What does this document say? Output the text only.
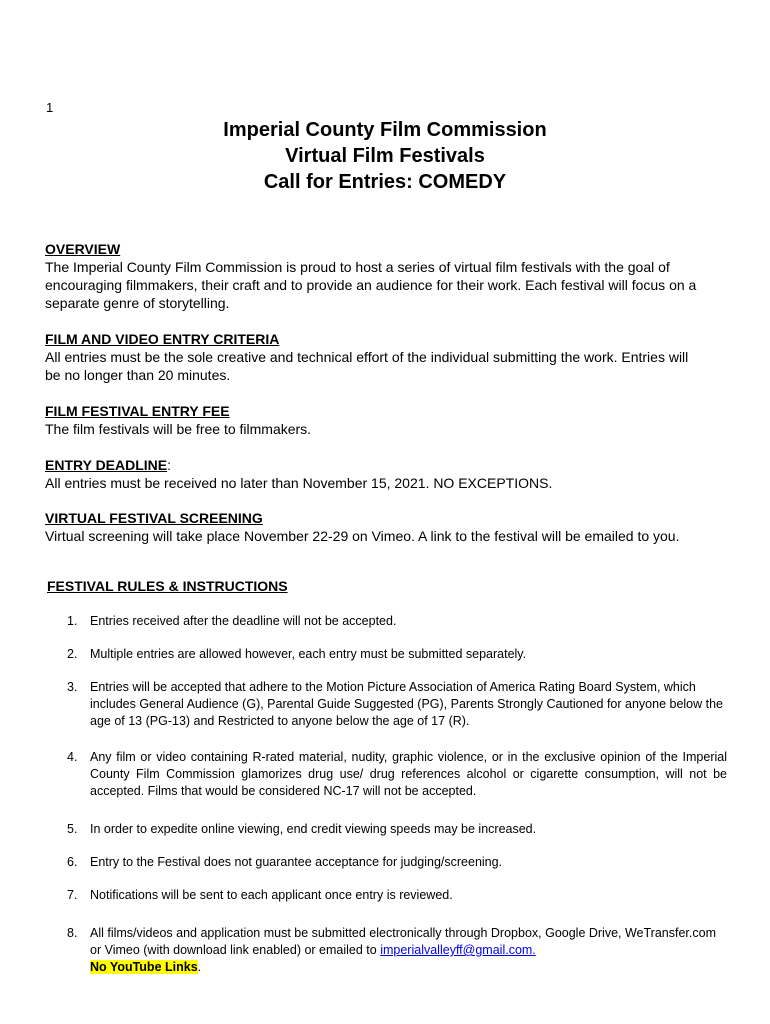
1
Imperial County Film Commission
Virtual Film Festivals
Call for Entries: COMEDY
OVERVIEW
The Imperial County Film Commission is proud to host a series of virtual film festivals with the goal of encouraging filmmakers, their craft and to provide an audience for their work. Each festival will focus on a separate genre of storytelling.
FILM AND VIDEO ENTRY CRITERIA
All entries must be the sole creative and technical effort of the individual submitting the work. Entries will be no longer than 20 minutes.
FILM FESTIVAL ENTRY FEE
The film festivals will be free to filmmakers.
ENTRY DEADLINE:
All entries must be received no later than November 15, 2021. NO EXCEPTIONS.
VIRTUAL FESTIVAL SCREENING
Virtual screening will take place November 22-29 on Vimeo. A link to the festival will be emailed to you.
FESTIVAL RULES & INSTRUCTIONS
1.	Entries received after the deadline will not be accepted.
2.	Multiple entries are allowed however, each entry must be submitted separately.
3.	Entries will be accepted that adhere to the Motion Picture Association of America Rating Board System, which includes General Audience (G), Parental Guide Suggested (PG), Parents Strongly Cautioned for anyone below the age of 13 (PG-13) and Restricted to anyone below the age of 17 (R).
4.	Any film or video containing R-rated material, nudity, graphic violence, or in the exclusive opinion of the Imperial County Film Commission glamorizes drug use/ drug references alcohol or cigarette consumption, will not be accepted. Films that would be considered NC-17 will not be accepted.
5.	In order to expedite online viewing, end credit viewing speeds may be increased.
6.	Entry to the Festival does not guarantee acceptance for judging/screening.
7.	Notifications will be sent to each applicant once entry is reviewed.
8.	All films/videos and application must be submitted electronically through Dropbox, Google Drive, WeTransfer.com or Vimeo (with download link enabled) or emailed to imperialvalleyff@gmail.com.
No YouTube Links.
